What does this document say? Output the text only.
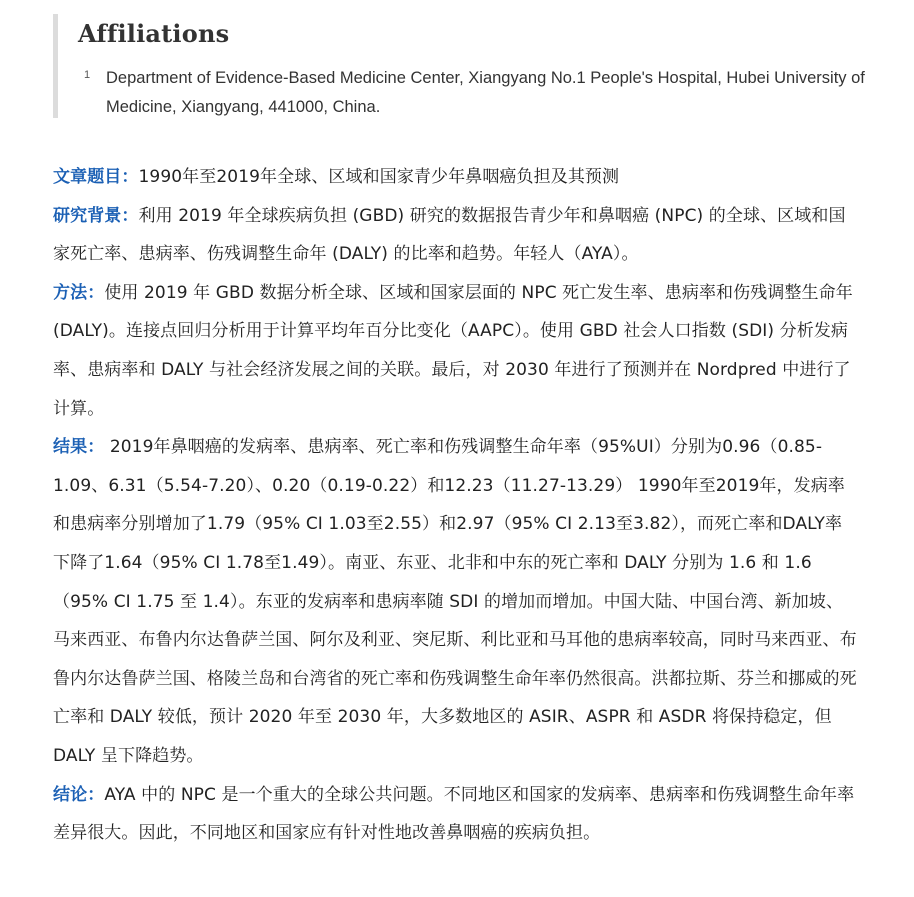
Affiliations
1 Department of Evidence-Based Medicine Center, Xiangyang No.1 People's Hospital, Hubei University of Medicine, Xiangyang, 441000, China.

文章题目：1990年至2019年全球、区域和国家青少年鼻咽癌负担及其预测

研究背景：利用 2019 年全球疾病负担 (GBD) 研究的数据报告青少年和鼻咽癌 (NPC) 的全球、区域和国家死亡率、患病率、伤残调整生命年 (DALY) 的比率和趋势。年轻人（AYA）。

方法：使用 2019 年 GBD 数据分析全球、区域和国家层面的 NPC 死亡发生率、患病率和伤残调整生命年 (DALY)。连接点回归分析用于计算平均年百分比变化（AAPC）。使用 GBD 社会人口指数 (SDI) 分析发病率、患病率和 DALY 与社会经济发展之间的关联。最后，对 2030 年进行了预测并在 Nordpred 中进行了计算。

结果： 2019年鼻咽癌的发病率、患病率、死亡率和伤残调整生命年率（95%UI）分别为0.96（0.85-1.09、6.31（5.54-7.20）、0.20（0.19-0.22）和12.23（11.27-13.29） 1990年至2019年，发病率和患病率分别增加了1.79（95% CI 1.03至2.55）和2.97（95% CI 2.13至3.82），而死亡率和DALY率下降了1.64（95% CI 1.78至1.49）。南亚、东亚、北非和中东的死亡率和 DALY 分别为 1.6 和 1.6（95% CI 1.75 至 1.4）。东亚的发病率和患病率随 SDI 的增加而增加。中国大陆、中国台湾、新加坡、马来西亚、布鲁内尔达鲁萨兰国、阿尔及利亚、突尼斯、利比亚和马耳他的患病率较高，同时马来西亚、布鲁内尔达鲁萨兰国、格陵兰岛和台湾省的死亡率和伤残调整生命年率仍然很高。洪都拉斯、芬兰和挪威的死亡率和 DALY 较低，预计 2020 年至 2030 年，大多数地区的 ASIR、ASPR 和 ASDR 将保持稳定，但 DALY 呈下降趋势。

结论：AYA 中的 NPC 是一个重大的全球公共问题。不同地区和国家的发病率、患病率和伤残调整生命年率差异很大。因此，不同地区和国家应有针对性地改善鼻咽癌的疾病负担。
